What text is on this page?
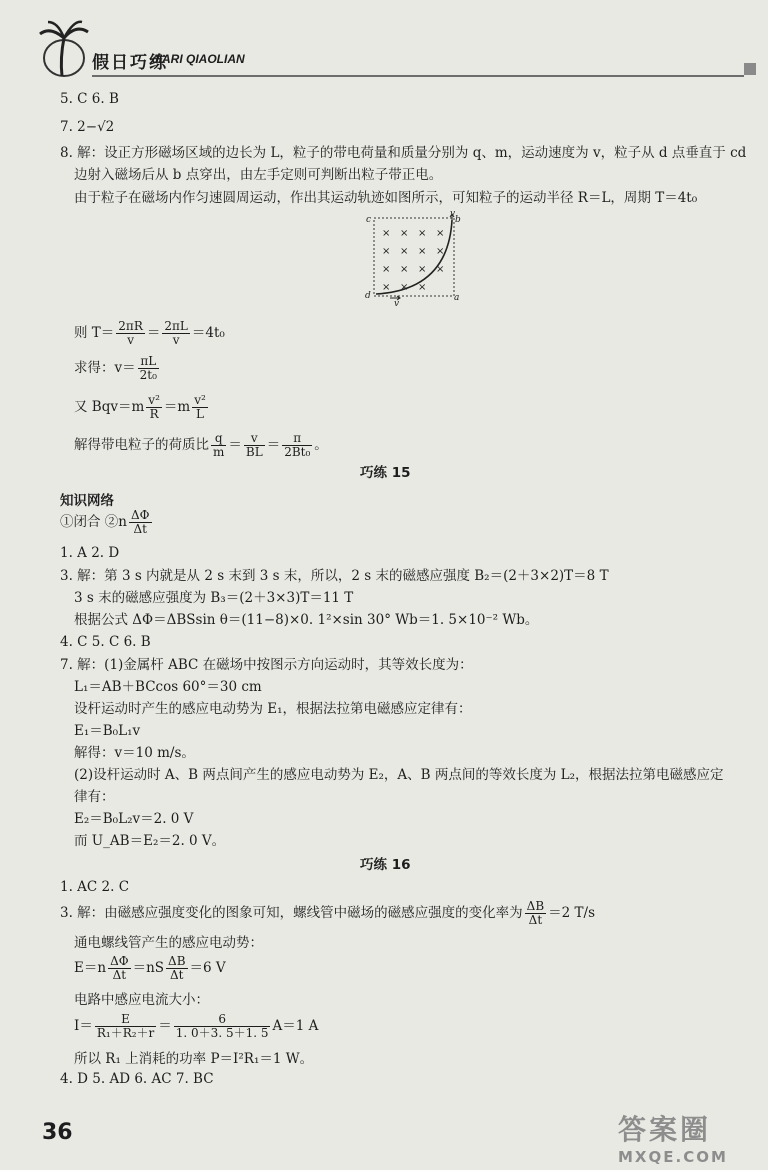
假日巧练
JIARI QIAOLIAN
5. C 6. B
7. 2−√2
8. 解：设正方形磁场区域的边长为 L，粒子的带电荷量和质量分别为 q、m，运动速度为 v，粒子从 d 点垂直于 cd
边射入磁场后从 b 点穿出，由左手定则可判断出粒子带正电。
由于粒子在磁场内作匀速圆周运动，作出其运动轨迹如图所示，可知粒子的运动半径 R＝L，周期 T＝4t₀
× × × ×
× × × ×
× × × ×
× × ×
c	b
d	a
v
v
则 $T= \frac{2\pi R}{v} = \frac{2\pi L}{v} =4t_0$
求得：$v= \frac{\pi L}{\text{2t₀}}$
又 $Bqv=m \frac{\text{v²}}{R} =m \frac{\text{v²}}{L}$
解得带电粒子的荷质比 $\frac{q}{m} = \frac{v}{BL} = \frac{\pi}{\text{2Bt₀}}$ 。
巧练 15
知识网络
①闭合 ②n $\frac{\Delta\Phi}{\Delta t}$
1. A 2. D
3. 解：第 3 s 内就是从 2 s 末到 3 s 末，所以，2 s 末的磁感应强度 B₂＝(2＋3×2)T＝8 T
3 s 末的磁感应强度为 B₃＝(2＋3×3)T＝11 T
根据公式 ΔΦ＝ΔBSsin θ＝(11−8)×0. 1²×sin 30° Wb＝1. 5×10⁻² Wb。
4. C 5. C 6. B
7. 解：(1)金属杆 ABC 在磁场中按图示方向运动时，其等效长度为：
L₁＝AB＋BCcos 60°＝30 cm
设杆运动时产生的感应电动势为 E₁，根据法拉第电磁感应定律有：
E₁＝B₀L₁v
解得：v＝10 m/s。
(2)设杆运动时 A、B 两点间产生的感应电动势为 E₂，A、B 两点间的等效长度为 L₂，根据法拉第电磁感应定
律有：
E₂＝B₀L₂v＝2. 0 V
而 U_AB＝E₂＝2. 0 V。
巧练 16
1. AC 2. C
3. 解：由磁感应强度变化的图象可知，螺线管中磁场的磁感应强度的变化率为 $\frac{\Delta B}{\Delta t} =2$ T/s
通电螺线管产生的感应电动势：
$E=n \frac{\Delta\Phi}{\Delta t} =nS \frac{\Delta B}{\Delta t} =6$ V
电路中感应电流大小：
$I= \frac{E}{\text{R₁＋R₂＋r}} = \frac{6}{1. 0+3. 5+1. 5} A=1$ A
所以 R₁ 上消耗的功率 P＝I²R₁＝1 W。
4. D 5. AD 6. AC 7. BC
36	答案圈
MXQE.COM
